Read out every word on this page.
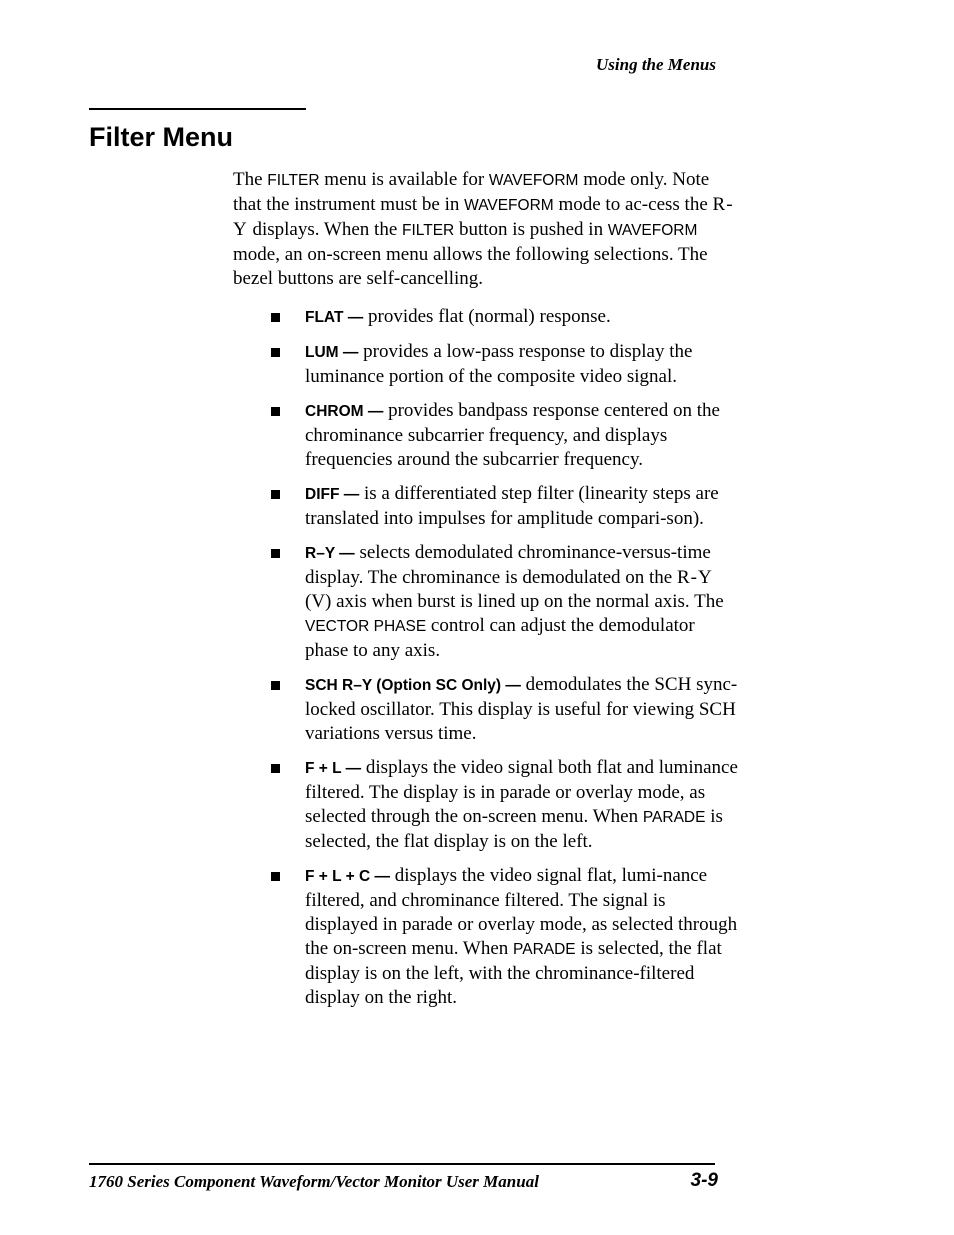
Using the Menus
Filter Menu

The FILTER menu is available for WAVEFORM mode only. Note that the instrument must be in WAVEFORM mode to ac-cess the R-Y displays. When the FILTER button is pushed in WAVEFORM mode, an on-screen menu allows the following selections. The bezel buttons are self-cancelling.

FLAT — provides flat (normal) response.
LUM — provides a low-pass response to display the luminance portion of the composite video signal.
CHROM — provides bandpass response centered on the chrominance subcarrier frequency, and displays frequencies around the subcarrier frequency.
DIFF — is a differentiated step filter (linearity steps are translated into impulses for amplitude compari-son).
R–Y — selects demodulated chrominance-versus-time display. The chrominance is demodulated on the R-Y (V) axis when burst is lined up on the normal axis. The VECTOR PHASE control can adjust the demodulator phase to any axis.
SCH R–Y (Option SC Only) — demodulates the SCH sync-locked oscillator. This display is useful for viewing SCH variations versus time.
F + L — displays the video signal both flat and luminance filtered. The display is in parade or overlay mode, as selected through the on-screen menu. When PARADE is selected, the flat display is on the left.
F + L + C — displays the video signal flat, lumi-nance filtered, and chrominance filtered. The signal is displayed in parade or overlay mode, as selected through the on-screen menu. When PARADE is selected, the flat display is on the left, with the chrominance-filtered display on the right.
1760 Series Component Waveform/Vector Monitor User Manual	3-9
